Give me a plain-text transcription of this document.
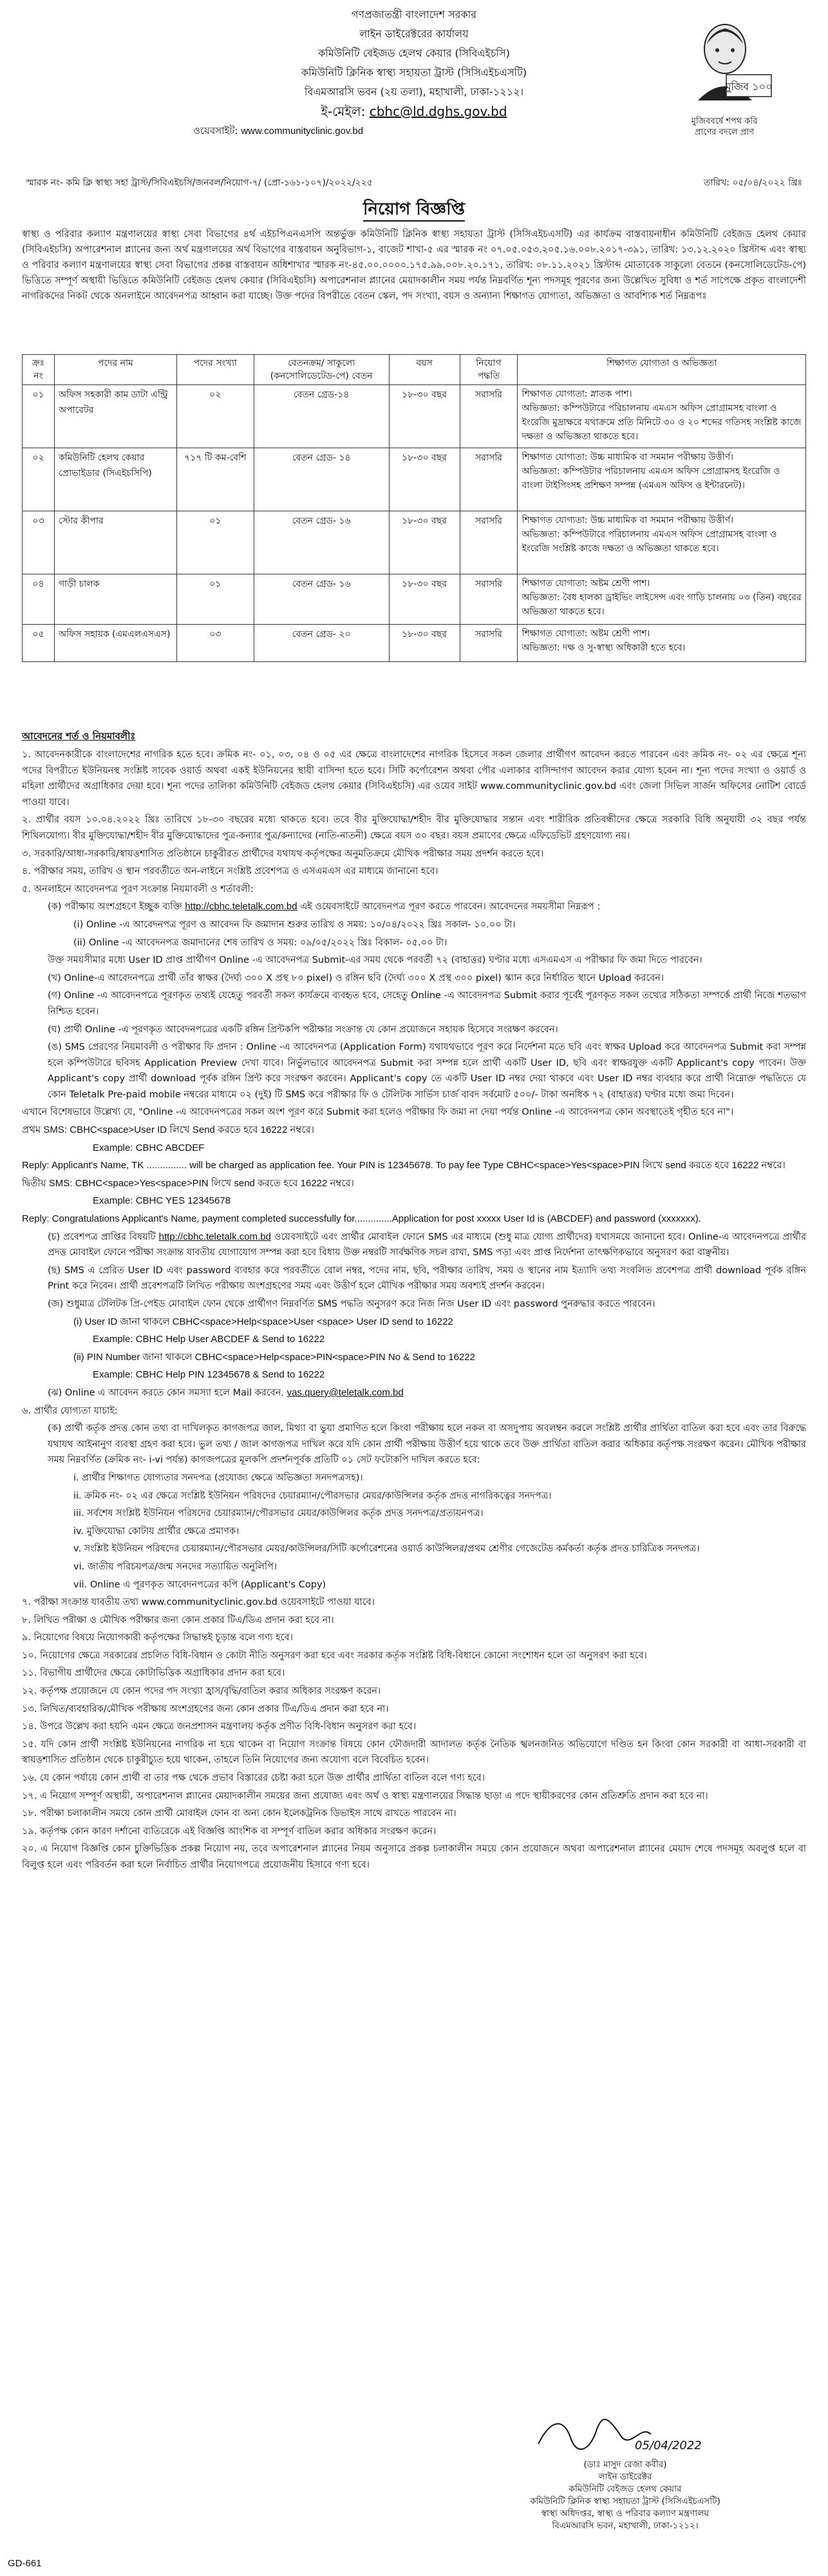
গণপ্রজাতন্ত্রী বাংলাদেশ সরকার
লাইন ডাইরেক্টরের কার্যালয়
কমিউনিটি বেইজড হেলথ কেয়ার (সিবিএইচসি)
কমিউনিটি ক্লিনিক স্বাস্থ্য সহায়তা ট্রাস্ট (সিসিএইচএসটি)
বিএমআরসি ভবন (২য় তলা), মহাখালী, ঢাকা-১২১২।
ই-মেইল: cbhc@ld.dghs.gov.bd
ওয়েবসাইট: www.communityclinic.gov.bd
মুজিব ১০০
মুজিববর্ষে শপথ করি
প্রাণের বদলে প্রাণ
স্মারক নং- কমি ক্লি স্বাস্থ্য সহা ট্রাস্ট/সিবিএইচসি/জনবল/নিয়োগ-৭/ (প্রো-১৬১-১০৭)/২০২২/২২৫	তারিখ: ০৫/০৪/২০২২ খ্রিঃ
নিয়োগ বিজ্ঞপ্তি
স্বাস্থ্য ও পরিবার কল্যাণ মন্ত্রণালয়ের স্বাস্থ্য সেবা বিভাগের ৪র্থ এইচপিএনএসপি অন্তর্ভুক্ত কমিউনিটি ক্লিনিক স্বাস্থ্য সহায়তা ট্রাস্ট (সিসিএইচএসটি) এর কার্যক্রম বাস্তবায়নাধীন কমিউনিটি বেইজড হেলথ কেয়ার (সিবিএইচসি) অপারেশনাল প্ল্যানের জন্য অর্থ মন্ত্রণালয়ের অর্থ বিভাগের বাস্তবায়ন অনুবিভাগ-১, বাজেট শাখা-৫ এর স্মারক নং ০৭.০৫.০৫৩.২০৫.১৬.০০৮.২০১৭-৩৯১, তারিখ: ১৩.১২.২০২০ খ্রিস্টাব্দ এবং স্বাস্থ্য ও পরিবার কল্যাণ মন্ত্রণালয়ের স্বাস্থ্য সেবা বিভাগের প্রকল্প বাস্তবায়ন অধিশাখার স্মারক নং-৪৫.০০.০০০০.১৭৫.৯৯.০০৮.২০.১৭১, তারিখ: ০৮.১১.২০২১ খ্রিস্টাব্দ মোতাবেক সাকুল্যে বেতনে (কনসোলিডেটেড-পে) ভিত্তিতে সম্পূর্ণ অস্থায়ী ভিত্তিতে কমিউনিটি বেইজড হেলথ কেয়ার (সিবিএইচসি) অপারেশনাল প্ল্যানের মেয়াদকালীন সময় পর্যন্ত নিম্নবর্ণিত শূন্য পদসমূহ পূরণের জন্য উল্লেখিত সুবিধা ও শর্ত সাপেক্ষে প্রকৃত বাংলাদেশী নাগরিকদের নিকট থেকে অনলাইনে আবেদনপত্র আহ্বান করা যাচ্ছে। উক্ত পদের বিপরীতে বেতন স্কেল, পদ সংখ্যা, বয়স ও অন্যান্য শিক্ষাগত যোগ্যতা, অভিজ্ঞতা ও আবশ্যিক শর্ত নিম্নরূপঃ
ক্রঃ নং	পদের নাম	পদের সংখ্যা	বেতনক্রম/ সাকুল্যে (কনসোলিডেটেড-পে) বেতন	বয়স	নিয়োগ পদ্ধতি	শিক্ষাগত যোগ্যতা ও অভিজ্ঞতা
০১	অফিস সহকারী কাম ডাটা এন্ট্রি অপারেটর	০২	বেতন গ্রেড-১৪	১৮-৩০ বছর	সরাসরি	শিক্ষাগত যোগ্যতা: স্নাতক পাশ।
অভিজ্ঞতা: কম্পিউটারে পরিচালনায় এমএস অফিস প্রোগ্রামসহ বাংলা ও ইংরেজি মুদ্রাক্ষরে যথাক্রমে প্রতি মিনিটে ৩০ ও ২০ শব্দের গতিসহ সংশ্লিষ্ট কাজে দক্ষতা ও অভিজ্ঞতা থাকতে হবে।

০২	কমিউনিটি হেলথ কেয়ার প্রোভাইডার (সিএইচসিপি)	৭১৭ টি কম-বেশি	বেতন গ্রেড- ১৪	১৮-৩০ বছর	সরাসরি	শিক্ষাগত যোগ্যতা: উচ্চ মাধ্যমিক বা সমমান পরীক্ষায় উত্তীর্ণ।
অভিজ্ঞতা: কম্পিউটার পরিচালনায় এমএস অফিস প্রোগ্রামসহ ইংরেজি ও বাংলা টাইপিংসহ প্রশিক্ষণ সম্পন্ন (এমএস অফিস ও ইন্টারনেট)।

০৩	স্টোর কীপার	০১	বেতন গ্রেড- ১৬	১৮-৩০ বছর	সরাসরি	শিক্ষাগত যোগ্যতা: উচ্চ মাধ্যমিক বা সমমান পরীক্ষায় উত্তীর্ণ।
অভিজ্ঞতা: কম্পিউটারে পরিচালনায় এমএস অফিস প্রোগ্রামসহ বাংলা ও ইংরেজি সংশ্লিষ্ট কাজে দক্ষতা ও অভিজ্ঞতা থাকতে হবে।

০৪	গাড়ী চালক	০১	বেতন গ্রেড- ১৬	১৮-৩০ বছর	সরাসরি	শিক্ষাগত যোগ্যতা: অষ্টম শ্রেণী পাশ।
অভিজ্ঞতা: বৈধ হালকা ড্রাইভিং লাইসেন্স এবং গাড়ি চালনায় ০৩ (তিন) বছরের অভিজ্ঞতা থাকতে হবে।

০৫	অফিস সহায়ক (এমএলএসএস)	০৩	বেতন গ্রেড- ২০	১৮-৩০ বছর	সরাসরি	শিক্ষাগত যোগ্যতা: অষ্টম শ্রেণী পাশ।
অভিজ্ঞতা: দক্ষ ও সু-স্বাস্থ্য অধিকারী হতে হবে।
আবেদনের শর্ত ও নিয়মাবলীঃ

১. আবেদনকারীকে বাংলাদেশের নাগরিক হতে হবে। ক্রমিক নং- ০১, ০৩, ০৪ ও ০৫ এর ক্ষেত্রে বাংলাদেশের নাগরিক হিসেবে সকল জেলার প্রার্থীগণ আবেদন করতে পারবেন এবং ক্রমিক নং- ০২ এর ক্ষেত্রে শূন্য পদের বিপরীতে ইউনিয়নস্থ সংশ্লিষ্ট সাবেক ওয়ার্ড অথবা একই ইউনিয়নের স্থায়ী বাসিন্দা হতে হবে। সিটি কর্পোরেশন অথবা পৌর এলাকার বাসিন্দাগণ আবেদন করার যোগ্য হবেন না। শূন্য পদের সংখ্যা ও ওয়ার্ড ও মহিলা প্রার্থীদের অগ্রাধিকার দেয়া হবে। শূন্য পদের তালিকা কমিউনিটি বেইজড হেলথ কেয়ার (সিবিএইচসি) এর ওয়েব সাইট www.communityclinic.gov.bd এবং জেলা সিভিল সার্জন অফিসের নোটিশ বোর্ডে পাওয়া যাবে।

২. প্রার্থীর বয়স ১০.০৪.২০২২ খ্রিঃ তারিখে ১৮-৩০ বছরের মধ্যে থাকতে হবে। তবে বীর মুক্তিযোদ্ধা/শহীদ বীর মুক্তিযোদ্ধার সন্তান এবং শারীরিক প্রতিবন্ধীদের ক্ষেত্রে সরকারি বিধি অনুযায়ী ৩২ বছর পর্যন্ত শিথিলযোগ্য। বীর মুক্তিযোদ্ধা/শহীদ বীর মুক্তিযোদ্ধাদের পুত্র-কন্যার পুত্র/কন্যাদের (নাতি-নাতনী) ক্ষেত্রে বয়স ৩০ বছর। বয়স প্রমাণের ক্ষেত্রে এফিডেভিট গ্রহণযোগ্য নয়।

৩. সরকারি/আধা-সরকারি/স্বায়ত্তশাসিত প্রতিষ্ঠানে চাকুরীরত প্রার্থীদের যথাযথ কর্তৃপক্ষের অনুমতিক্রমে মৌখিক পরীক্ষার সময় প্রদর্শন করতে হবে।

৪. পরীক্ষার সময়, তারিখ ও স্থান পরবর্তীতে অন-লাইনে সংশ্লিষ্ট প্রবেশপত্র ও এসএমএস এর মাধ্যমে জানানো হবে।

৫. অনলাইনে আবেদনপত্র পূরণ সংক্রান্ত নিয়মাবলী ও শর্তাবলী:

(ক) পরীক্ষায় অংশগ্রহণে ইচ্ছুক ব্যক্তি http://cbhc.teletalk.com.bd এই ওয়েবসাইটে আবেদনপত্র পূরণ করতে পারবেন। আবেদনের সময়সীমা নিম্নরূপ :

(i) Online -এ আবেদনপত্র পূরণ ও আবেদন ফি জমাদান শুরুর তারিখ ও সময়: ১০/০৪/২০২২ খ্রিঃ সকাল- ১০.০০ টা।

(ii) Online -এ আবেদনপত্র জমাদানের শেষ তারিখ ও সময়: ০৯/০৫/২০২২ খ্রিঃ বিকাল- ০৫.০০ টা।

উক্ত সময়সীমার মধ্যে User ID প্রাপ্ত প্রার্থীগণ Online -এ আবেদনপত্র Submit-এর সময় থেকে পরবর্তী ৭২ (বাহাত্তর) ঘণ্টার মধ্যে এসএমএস এ পরীক্ষার ফি জমা দিতে পারবেন।

(খ) Online-এ আবেদনপত্রে প্রার্থী তাঁর স্বাক্ষর (দৈর্ঘ্য ৩০০ X প্রস্থ ৮০ pixel) ও রঙ্গিন ছবি (দৈর্ঘ্য ৩০০ X প্রস্থ ৩০০ pixel) স্ক্যান করে নির্ধারিত স্থানে Upload করবেন।

(গ) Online -এ আবেদনপত্রে পূরণকৃত তথ্যই যেহেতু পরবর্তী সকল কার্যক্রমে ব্যবহৃত হবে, সেহেতু Online -এ আবেদনপত্র Submit করার পূর্বেই পূরণকৃত সকল তথ্যের সঠিকতা সম্পর্কে প্রার্থী নিজে শতভাগ নিশ্চিত হবেন।

(ঘ) প্রার্থী Online -এ পূরণকৃত আবেদনপত্রের একটি রঙ্গিন প্রিন্টকপি পরীক্ষার সংক্রান্ত যে কোন প্রয়োজনে সহায়ক হিসেবে সংরক্ষণ করবেন।

(ঙ) SMS প্রেরণের নিয়মাবলী ও পরীক্ষার ফি প্রদান : Online -এ আবেদনপত্র (Application Form) যথাযথভাবে পূরণ করে নির্দেশনা মতে ছবি এবং স্বাক্ষর Upload করে আবেদনপত্র Submit করা সম্পন্ন হলে কম্পিউটারে ছবিসহ Application Preview দেখা যাবে। নির্ভুলভাবে আবেদনপত্র Submit করা সম্পন্ন হলে প্রার্থী একটি User ID, ছবি এবং স্বাক্ষরযুক্ত একটি Applicant's copy পাবেন। উক্ত Applicant's copy প্রার্থী download পূর্বক রঙ্গিন প্রিন্ট করে সংরক্ষণ করবেন। Applicant's copy তে একটি User ID নম্বর দেয়া থাকবে এবং User ID নম্বর ব্যবহার করে প্রার্থী নিম্নোক্ত পদ্ধতিতে যে কোন Teletalk Pre-paid mobile নম্বরের মাধ্যমে ০২ (দুই) টি SMS করে পরীক্ষার ফি ও টেলিটক সার্ভিস চার্জ বাবদ সর্বমোট ৫০০/- টাকা অনধিক ৭২ (বাহাত্তর) ঘণ্টার মধ্যে জমা দিবেন।

এখানে বিশেষভাবে উল্লেখ্য যে, "Online -এ আবেদনপত্রের সকল অংশ পূরণ করে Submit করা হলেও পরীক্ষার ফি জমা না দেয়া পর্যন্ত Online -এ আবেদনপত্র কোন অবস্থাতেই গৃহীত হবে না"।

প্রথম SMS: CBHC<space>User ID লিখে Send করতে হবে 16222 নম্বরে।

Example: CBHC ABCDEF

Reply: Applicant's Name, TK ............... will be charged as application fee. Your PIN is 12345678. To pay fee Type CBHC<space>Yes<space>PIN লিখে send করতে হবে 16222 নম্বরে।

দ্বিতীয় SMS: CBHC<space>Yes<space>PIN লিখে send করতে হবে 16222 নম্বরে।

Example: CBHC YES 12345678

Reply: Congratulations Applicant's Name, payment completed successfully for..............Application for post xxxxx User Id is (ABCDEF) and password (xxxxxxx).

(চ) প্রবেশপত্র প্রাপ্তির বিষয়টি http://cbhc.teletalk.com.bd ওয়েবসাইটে এবং প্রার্থীর মোবাইল ফোনে SMS এর মাধ্যমে (শুধু মাত্র যোগ্য প্রার্থীদের) যথাসময়ে জানানো হবে। Online-এ আবেদনপত্রে প্রার্থীর প্রদত্ত মোবাইল ফোনে পরীক্ষা সংক্রান্ত যাবতীয় যোগাযোগ সম্পন্ন করা হবে বিধায় উক্ত নম্বরটি সার্বক্ষণিক সচল রাখা, SMS পড়া এবং প্রাপ্ত নির্দেশনা তাৎক্ষণিকভাবে অনুসরণ করা বাঞ্ছনীয়।

(ছ) SMS এ প্রেরিত User ID এবং password ব্যবহার করে পরবর্তীতে রোল নম্বর, পদের নাম, ছবি, পরীক্ষার তারিখ, সময় ও স্থানের নাম ইত্যাদি তথ্য সংবলিত প্রবেশপত্র প্রার্থী download পূর্বক রঙ্গিন Print করে নিবেন। প্রার্থী প্রবেশপত্রটি লিখিত পরীক্ষায় অংশগ্রহণের সময় এবং উত্তীর্ণ হলে মৌখিক পরীক্ষার সময় অবশ্যই প্রদর্শন করবেন।

(জ) শুধুমাত্র টেলিটক প্রি-পেইড মোবাইল ফোন থেকে প্রার্থীগণ নিম্নবর্ণিত SMS পদ্ধতি অনুসরণ করে নিজ নিজ User ID এবং password পুনরুদ্ধার করতে পারবেন।

(i) User ID জানা থাকলে CBHC<space>Help<space>User <space> User ID send to 16222

Example: CBHC Help User ABCDEF & Send to 16222

(ii) PIN Number জানা থাকলে CBHC<space>Help<space>PIN<space>PIN No & Send to 16222

Example: CBHC Help PIN 12345678 & Send to 16222

(ঝ) Online এ আবেদন করতে কোন সমস্যা হলে Mail করবেন. vas.query@teletalk.com.bd

৬. প্রার্থীর যোগ্যতা যাচাই:

(ক) প্রার্থী কর্তৃক প্রদত্ত কোন তথ্য বা দাখিলকৃত কাগজপত্র জাল, মিথ্যা বা ভুয়া প্রমাণিত হলে কিংবা পরীক্ষায় হলে নকল বা অসদুপায় অবলম্বন করলে সংশ্লিষ্ট প্রার্থীর প্রার্থিতা বাতিল করা হবে এবং তার বিরুদ্ধে যথাযথ আইনানুগ ব্যবস্থা গ্রহণ করা হবে। ভুল তথ্য / জাল কাগজপত্র দাখিল করে যদি কোন প্রার্থী পরীক্ষায় উত্তীর্ণ হয়ে থাকে তবে উক্ত প্রার্থিতা বাতিল করার অধিকার কর্তৃপক্ষ সংরক্ষণ করেন। মৌখিক পরীক্ষার সময় নিম্নবর্ণিত (ক্রমিক নং- i-vi পর্যন্ত) কাগজপত্রের মূলকপি প্রদর্শনপূর্বক প্রতিটি ০১ সেট ফটোকপি দাখিল করতে হবে:

i. প্রার্থীর শিক্ষাগত যোগ্যতার সনদপত্র (প্রযোজ্য ক্ষেত্রে অভিজ্ঞতা সনদপত্রসহ)।

ii. ক্রমিক নং- ০২ এর ক্ষেত্রে সংশ্লিষ্ট ইউনিয়ন পরিষদের চেয়ারম্যান/পৌরসভার মেয়র/কাউন্সিলর কর্তৃক প্রদত্ত নাগরিকত্বের সনদপত্র।

iii. সর্বশেষ সংশ্লিষ্ট ইউনিয়ন পরিষদের চেয়ারম্যান/পৌরসভার মেয়র/কাউন্সিলর কর্তৃক প্রদত্ত সনদপত্র/প্রত্যয়নপত্র।

iv. মুক্তিযোদ্ধা কোটায় প্রার্থীর ক্ষেত্রে প্রমাণক।

v. সংশ্লিষ্ট ইউনিয়ন পরিষদের চেয়ারম্যান/পৌরসভার মেয়র/কাউন্সিলর/সিটি কর্পোরেশনের ওয়ার্ড কাউন্সিলর/প্রথম শ্রেণীর গেজেটেড কর্মকর্তা কর্তৃক প্রদত্ত চারিত্রিক সনদপত্র।

vi. জাতীয় পরিচয়পত্র/জন্ম সনদের সত্যায়িত অনুলিপি।

vii. Online এ পূরণকৃত আবেদনপত্রের কপি (Applicant's Copy)

৭. পরীক্ষা সংক্রান্ত যাবতীয় তথ্য www.communityclinic.gov.bd ওয়েবসাইটে পাওয়া যাবে।

৮. লিখিত পরীক্ষা ও মৌখিক পরীক্ষার জন্য কোন প্রকার টিএ/ডিএ প্রদান করা হবে না।

৯. নিয়োগের বিষয়ে নিয়োগকারী কর্তৃপক্ষের সিদ্ধান্তই চূড়ান্ত বলে গণ্য হবে।

১০. নিয়োগের ক্ষেত্রে সরকারের প্রচলিত বিধি-বিধান ও কোটা নীতি অনুসরণ করা হবে এবং সরকার কর্তৃক সংশ্লিষ্ট বিধি-বিধানে কোনো সংশোধন হলে তা অনুসরণ করা হবে।

১১. বিভাগীয় প্রার্থীদের ক্ষেত্রে কোটাভিত্তিক অগ্রাধিকার প্রদান করা হবে।

১২. কর্তৃপক্ষ প্রয়োজনে যে কোন পদের পদ সংখ্যা হ্রাস/বৃদ্ধি/বাতিল করার অধিকার সংরক্ষণ করেন।

১৩. লিখিত/ব্যবহারিক/মৌখিক পরীক্ষায় অংশগ্রহণের জন্য কোন প্রকার টিএ/ডিএ প্রদান করা হবে না।

১৪. উপরে উল্লেখ করা হয়নি এমন ক্ষেত্রে জনপ্রশাসন মন্ত্রণালয় কর্তৃক প্রণীত বিধি-বিধান অনুসরণ করা হবে।

১৫. যদি কোন প্রার্থী সংশ্লিষ্ট ইউনিয়নের নাগরিক না হয়ে থাকেন বা নিয়োগ সংক্রান্ত বিষয়ে কোন ফৌজদারী আদালত কর্তৃক নৈতিক স্খলনজনিত অভিযোগে দণ্ডিত হন কিংবা কোন সরকারী বা আধা-সরকারী বা স্বায়ত্তশাসিত প্রতিষ্ঠান থেকে চাকুরীচ্যুত হয়ে থাকেন, তাহলে তিনি নিয়োগের জন্য অযোগ্য বলে বিবেচিত হবেন।

১৬. যে কোন পর্যায়ে কোন প্রার্থী বা তার পক্ষ থেকে প্রভাব বিস্তারের চেষ্টা করা হলে উক্ত প্রার্থীর প্রার্থিতা বাতিল বলে গণ্য হবে।

১৭. এ নিয়োগ সম্পূর্ণ অস্থায়ী, অপারেশনাল প্ল্যানের মেয়াদকালীন সময়ের জন্য প্রযোজ্য এবং অর্থ ও স্বাস্থ্য মন্ত্রণালয়ের সিদ্ধান্ত ছাড়া এ পদে স্থায়ীকরণের কোন প্রতিশ্রুতি প্রদান করা হবে না।

১৮. পরীক্ষা চলাকালীন সময়ে কোন প্রার্থী মোবাইল ফোন বা অন্য কোন ইলেকট্রনিক ডিভাইস সাথে রাখতে পারবেন না।

১৯. কর্তৃপক্ষ কোন কারণ দর্শানো ব্যতিরেকে এই বিজ্ঞপ্তি আংশিক বা সম্পূর্ণ বাতিল করার অধিকার সংরক্ষণ করেন।

২০. এ নিয়োগ বিজ্ঞপ্তি কোন চুক্তিভিত্তিক প্রকল্প নিয়োগ নয়, তবে অপারেশনাল প্ল্যানের নিয়ম অনুসারে প্রকল্প চলাকালীন সময়ে কোন প্রয়োজনে অথবা অপারেশনাল প্ল্যানের মেয়াদ শেষে পদসমূহ অবলুপ্ত হলে বা বিলুপ্ত হলে এবং পরিবর্তন করা হলে নির্বাচিত প্রার্থীর নিয়োগপত্রে প্রয়োজনীয় হিসাবে গণ্য হবে।

05/04/2022
(ডাঃ মাসুদ রেজা কবীর)
লাইন ডাইরেক্টর
কমিউনিটি বেইজড হেলথ কেয়ার
কমিউনিটি ক্লিনিক স্বাস্থ্য সহায়তা ট্রাস্ট (সিসিএইচএসটি)
স্বাস্থ্য অধিদপ্তর, স্বাস্থ্য ও পরিবার কল্যাণ মন্ত্রণালয়
বিএমআরসি ভবন, মহাখালী, ঢাকা-১২১২।
GD-661
